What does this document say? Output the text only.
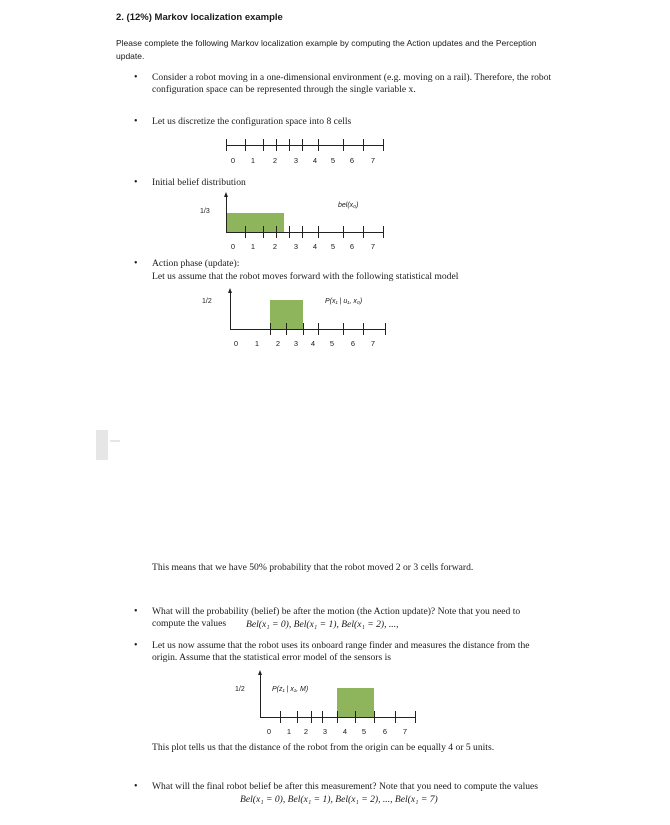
2. (12%) Markov localization example
Please complete the following Markov localization example by computing the Action updates and the Perception update.
• Consider a robot moving in a one-dimensional environment (e.g. moving on a rail). Therefore, the robot configuration space can be represented through the single variable x.
• Let us discretize the configuration space into 8 cells
0 1 2 3 4 5 6 7
• Initial belief distribution
1/3
bel(x₀)
0 1 2 3 4 5 6 7
• Action phase (update):
Let us assume that the robot moves forward with the following statistical model
1/2	P(x₁ | u₁, x₀)
0 1 2 3 4 5 6 7
This means that we have 50% probability that the robot moved 2 or 3 cells forward.
• What will the probability (belief) be after the motion (the Action update)? Note that you need to compute the values	Bel(x₁ = 0), Bel(x₁ = 1), Bel(x₁ = 2), ...,
• Let us now assume that the robot uses its onboard range finder and measures the distance from the origin. Assume that the statistical error model of the sensors is
1/2	P(z₁ | x₁, M)
0 1 2 3 4 5 6 7
This plot tells us that the distance of the robot from the origin can be equally 4 or 5 units.
• What will the final robot belief be after this measurement? Note that you need to compute the values
Bel(x₁ = 0), Bel(x₁ = 1), Bel(x₁ = 2), ..., Bel(x₁ = 7)
